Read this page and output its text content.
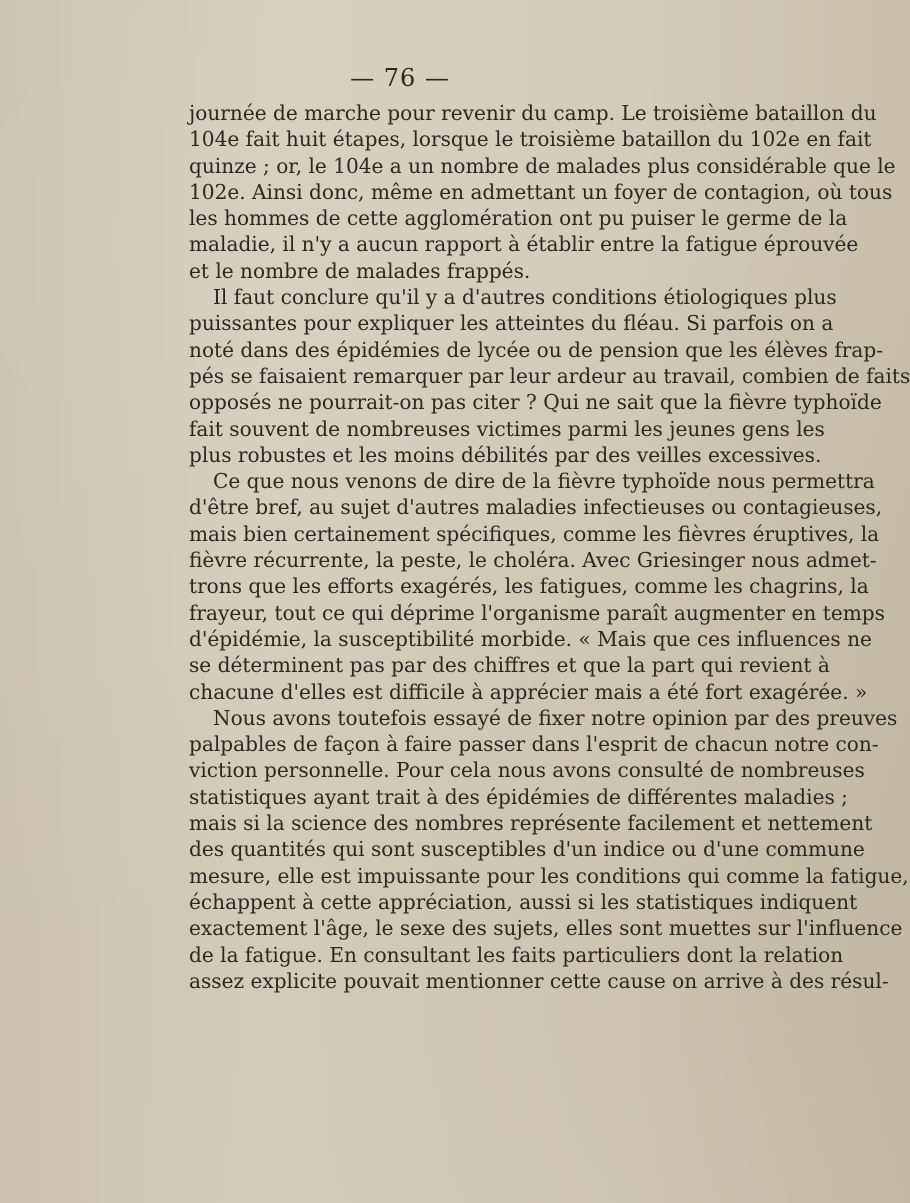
— 76 —
journée de marche pour revenir du camp. Le troisième bataillon du
104e fait huit étapes, lorsque le troisième bataillon du 102e en fait
quinze ; or, le 104e a un nombre de malades plus considérable que le
102e. Ainsi donc, même en admettant un foyer de contagion, où tous
les hommes de cette agglomération ont pu puiser le germe de la
maladie, il n'y a aucun rapport à établir entre la fatigue éprouvée
et le nombre de malades frappés.
Il faut conclure qu'il y a d'autres conditions étiologiques plus
puissantes pour expliquer les atteintes du fléau. Si parfois on a
noté dans des épidémies de lycée ou de pension que les élèves frap-
pés se faisaient remarquer par leur ardeur au travail, combien de faits
opposés ne pourrait-on pas citer ? Qui ne sait que la fièvre typhoïde
fait souvent de nombreuses victimes parmi les jeunes gens les
plus robustes et les moins débilités par des veilles excessives.
Ce que nous venons de dire de la fièvre typhoïde nous permettra
d'être bref, au sujet d'autres maladies infectieuses ou contagieuses,
mais bien certainement spécifiques, comme les fièvres éruptives, la
fièvre récurrente, la peste, le choléra. Avec Griesinger nous admet-
trons que les efforts exagérés, les fatigues, comme les chagrins, la
frayeur, tout ce qui déprime l'organisme paraît augmenter en temps
d'épidémie, la susceptibilité morbide. « Mais que ces influences ne
se déterminent pas par des chiffres et que la part qui revient à
chacune d'elles est difficile à apprécier mais a été fort exagérée. »
Nous avons toutefois essayé de fixer notre opinion par des preuves
palpables de façon à faire passer dans l'esprit de chacun notre con-
viction personnelle. Pour cela nous avons consulté de nombreuses
statistiques ayant trait à des épidémies de différentes maladies ;
mais si la science des nombres représente facilement et nettement
des quantités qui sont susceptibles d'un indice ou d'une commune
mesure, elle est impuissante pour les conditions qui comme la fatigue,
échappent à cette appréciation, aussi si les statistiques indiquent
exactement l'âge, le sexe des sujets, elles sont muettes sur l'influence
de la fatigue. En consultant les faits particuliers dont la relation
assez explicite pouvait mentionner cette cause on arrive à des résul-
